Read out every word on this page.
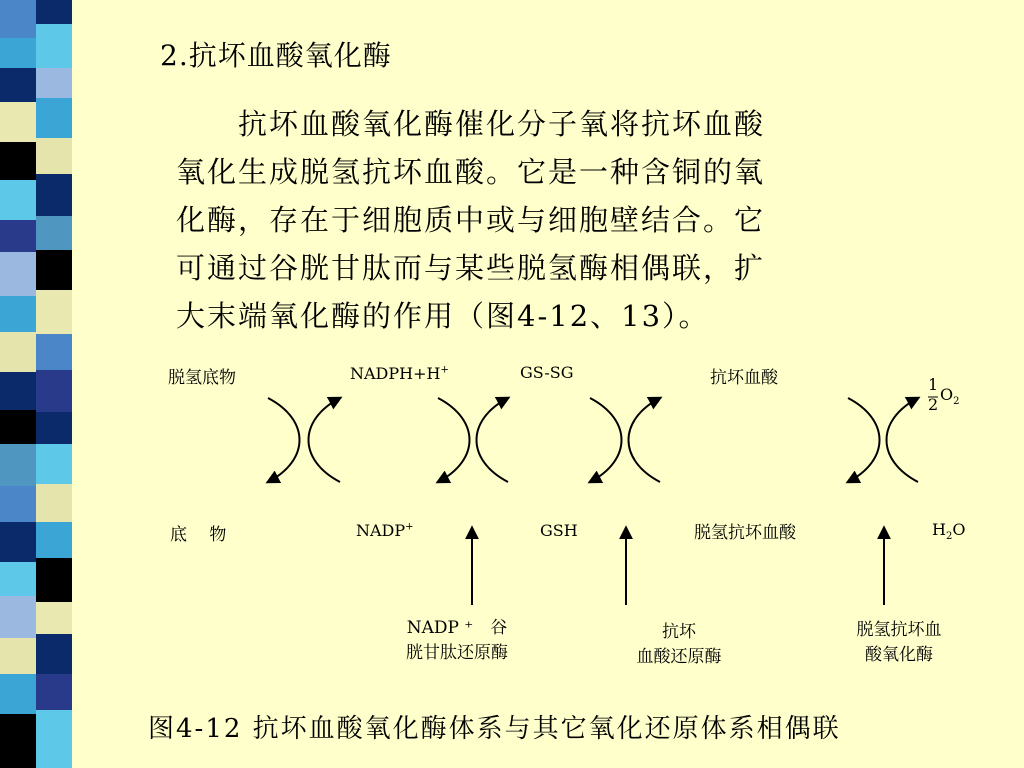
2.抗坏血酸氧化酶
　　抗坏血酸氧化酶催化分子氧将抗坏血酸
氧化生成脱氢抗坏血酸。它是一种含铜的氧
化酶，存在于细胞质中或与细胞壁结合。它
可通过谷胱甘肽而与某些脱氢酶相偶联，扩
大末端氧化酶的作用（图4-12、13）。
脱氢底物	NADPH+H+	GS-SG	抗坏血酸	1
2
$O_2$
底　 物	NADP+	GSH	脱氢抗坏血酸	$H_2O$
NADP ⁺　谷
胱甘肽还原酶
抗坏
血酸还原酶
脱氢抗坏血
酸氧化酶
图4-12 抗坏血酸氧化酶体系与其它氧化还原体系相偶联
